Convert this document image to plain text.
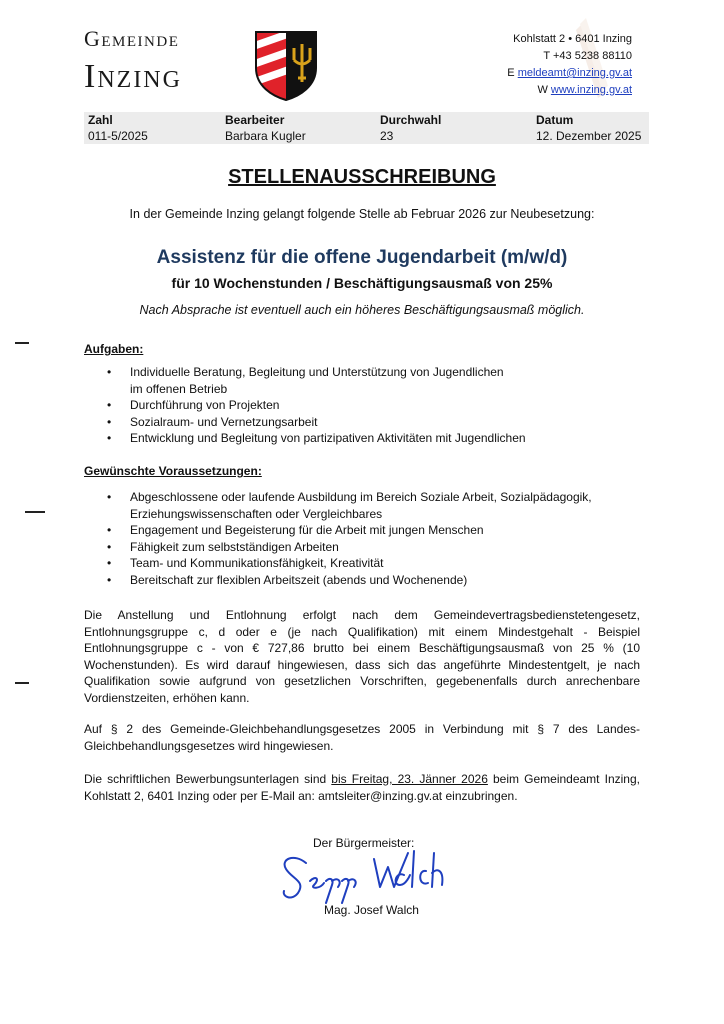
Gemeinde
Inzing
Kohlstatt 2 • 6401 Inzing
T +43 5238 88110
E meldeamt@inzing.gv.at
W www.inzing.gv.at
Zahl
011-5/2025
Bearbeiter
Barbara Kugler
Durchwahl
23
Datum
12. Dezember 2025
STELLENAUSSCHREIBUNG
In der Gemeinde Inzing gelangt folgende Stelle ab Februar 2026 zur Neubesetzung:
Assistenz für die offene Jugendarbeit (m/w/d)
für 10 Wochenstunden / Beschäftigungsausmaß von 25%
Nach Absprache ist eventuell auch ein höheres Beschäftigungsausmaß möglich.
Aufgaben:
• Individuelle Beratung, Begleitung und Unterstützung von Jugendlichen
im offenen Betrieb
• Durchführung von Projekten
• Sozialraum- und Vernetzungsarbeit
• Entwicklung und Begleitung von partizipativen Aktivitäten mit Jugendlichen
Gewünschte Voraussetzungen:
• Abgeschlossene oder laufende Ausbildung im Bereich Soziale Arbeit, Sozialpädagogik,
Erziehungswissenschaften oder Vergleichbares
• Engagement und Begeisterung für die Arbeit mit jungen Menschen
• Fähigkeit zum selbstständigen Arbeiten
• Team- und Kommunikationsfähigkeit, Kreativität
• Bereitschaft zur flexiblen Arbeitszeit (abends und Wochenende)
Die Anstellung und Entlohnung erfolgt nach dem Gemeindevertragsbedienstetengesetz, Entlohnungsgruppe c, d oder e (je nach Qualifikation) mit einem Mindestgehalt - Beispiel Entlohnungsgruppe c - von € 727,86 brutto bei einem Beschäftigungsausmaß von 25 % (10 Wochenstunden). Es wird darauf hingewiesen, dass sich das angeführte Mindestentgelt, je nach Qualifikation sowie aufgrund von gesetzlichen Vorschriften, gegebenenfalls durch anrechenbare Vordienstzeiten, erhöhen kann.
Auf § 2 des Gemeinde-Gleichbehandlungsgesetzes 2005 in Verbindung mit § 7 des Landes-Gleichbehandlungsgesetzes wird hingewiesen.
Die schriftlichen Bewerbungsunterlagen sind bis Freitag, 23. Jänner 2026 beim Gemeindeamt Inzing, Kohlstatt 2, 6401 Inzing oder per E-Mail an: amtsleiter@inzing.gv.at einzubringen.
Der Bürgermeister:
Mag. Josef Walch
